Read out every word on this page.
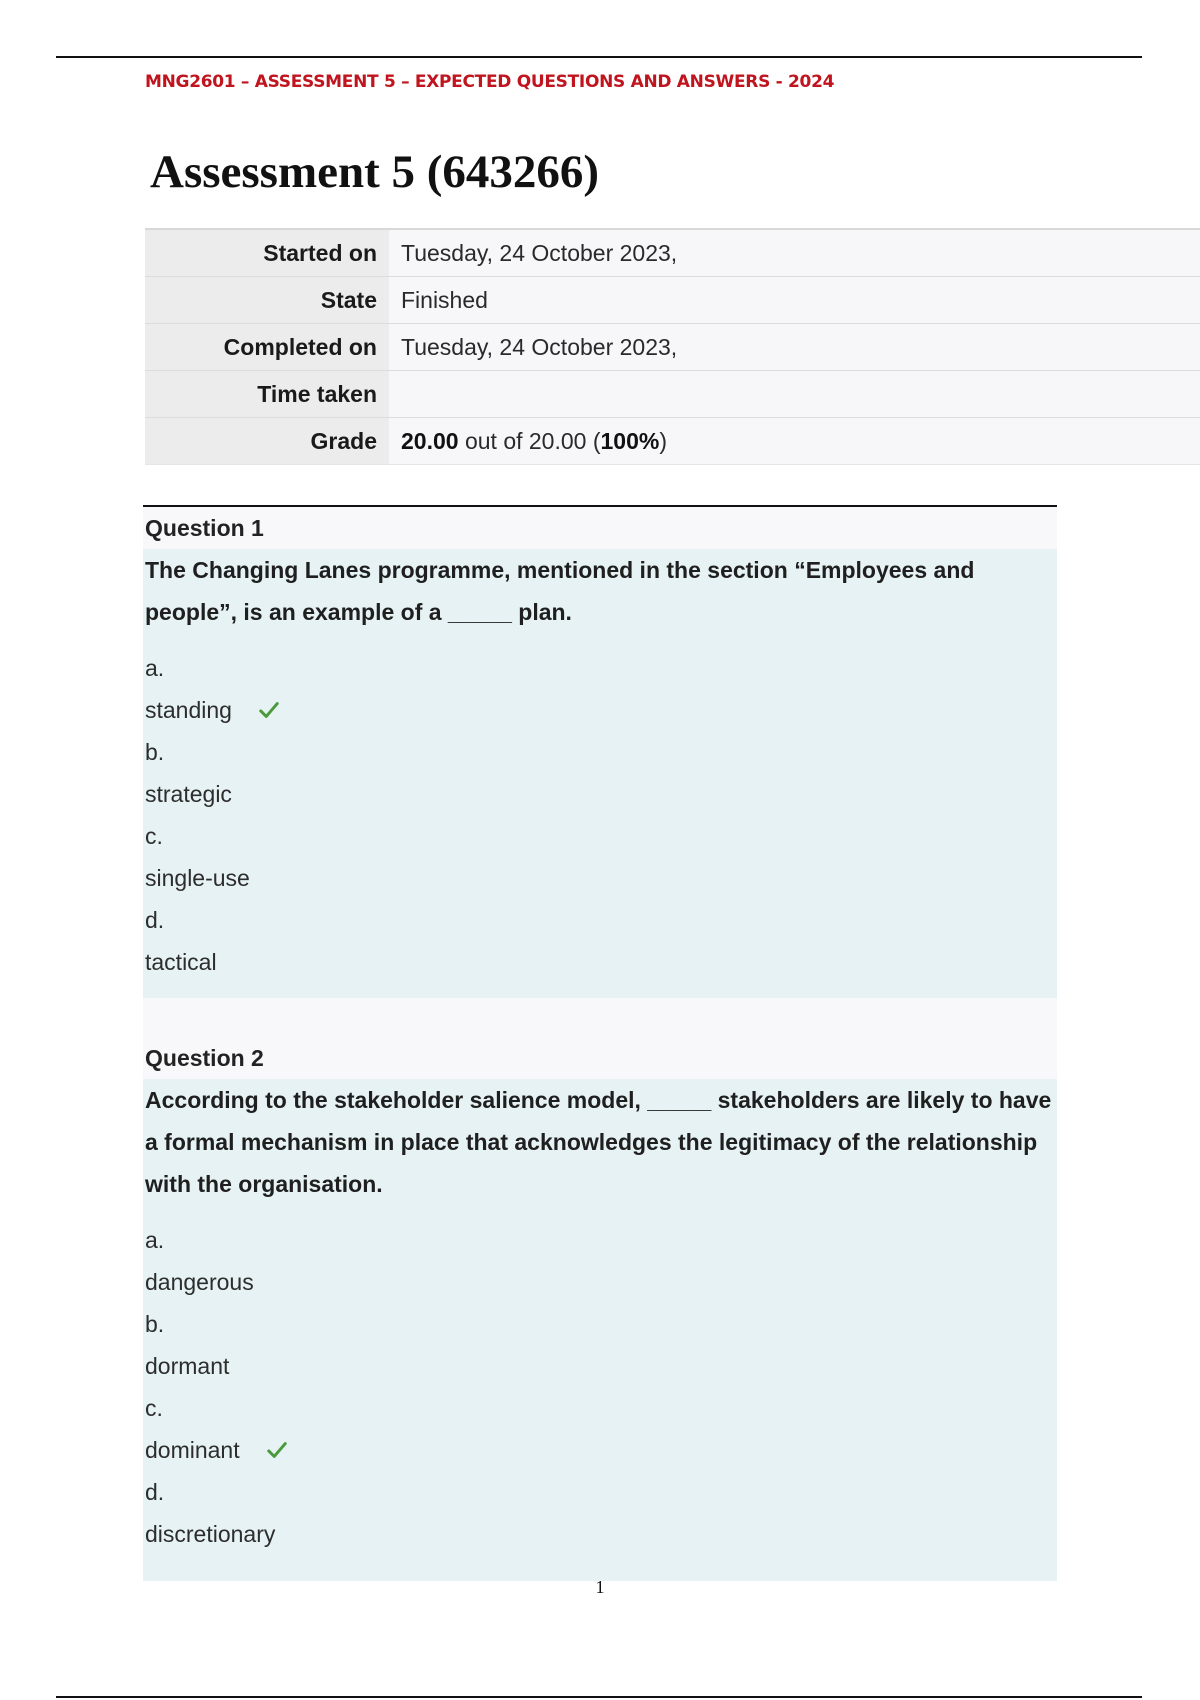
MNG2601 – ASSESSMENT 5 – EXPECTED QUESTIONS AND ANSWERS - 2024
Assessment 5 (643266)
Started on	Tuesday, 24 October 2023,
State	Finished
Completed on	Tuesday, 24 October 2023,
Time taken	
Grade	20.00 out of 20.00 (100%)
Question 1

The Changing Lanes programme, mentioned in the section “Employees and people”, is an example of a _____ plan.

a.
standing
b.
strategic
c.
single-use
d.
tactical
Question 2

According to the stakeholder salience model, _____ stakeholders are likely to have a formal mechanism in place that acknowledges the legitimacy of the relationship with the organisation.

a.
dangerous
b.
dormant
c.
dominant
d.
discretionary
1
